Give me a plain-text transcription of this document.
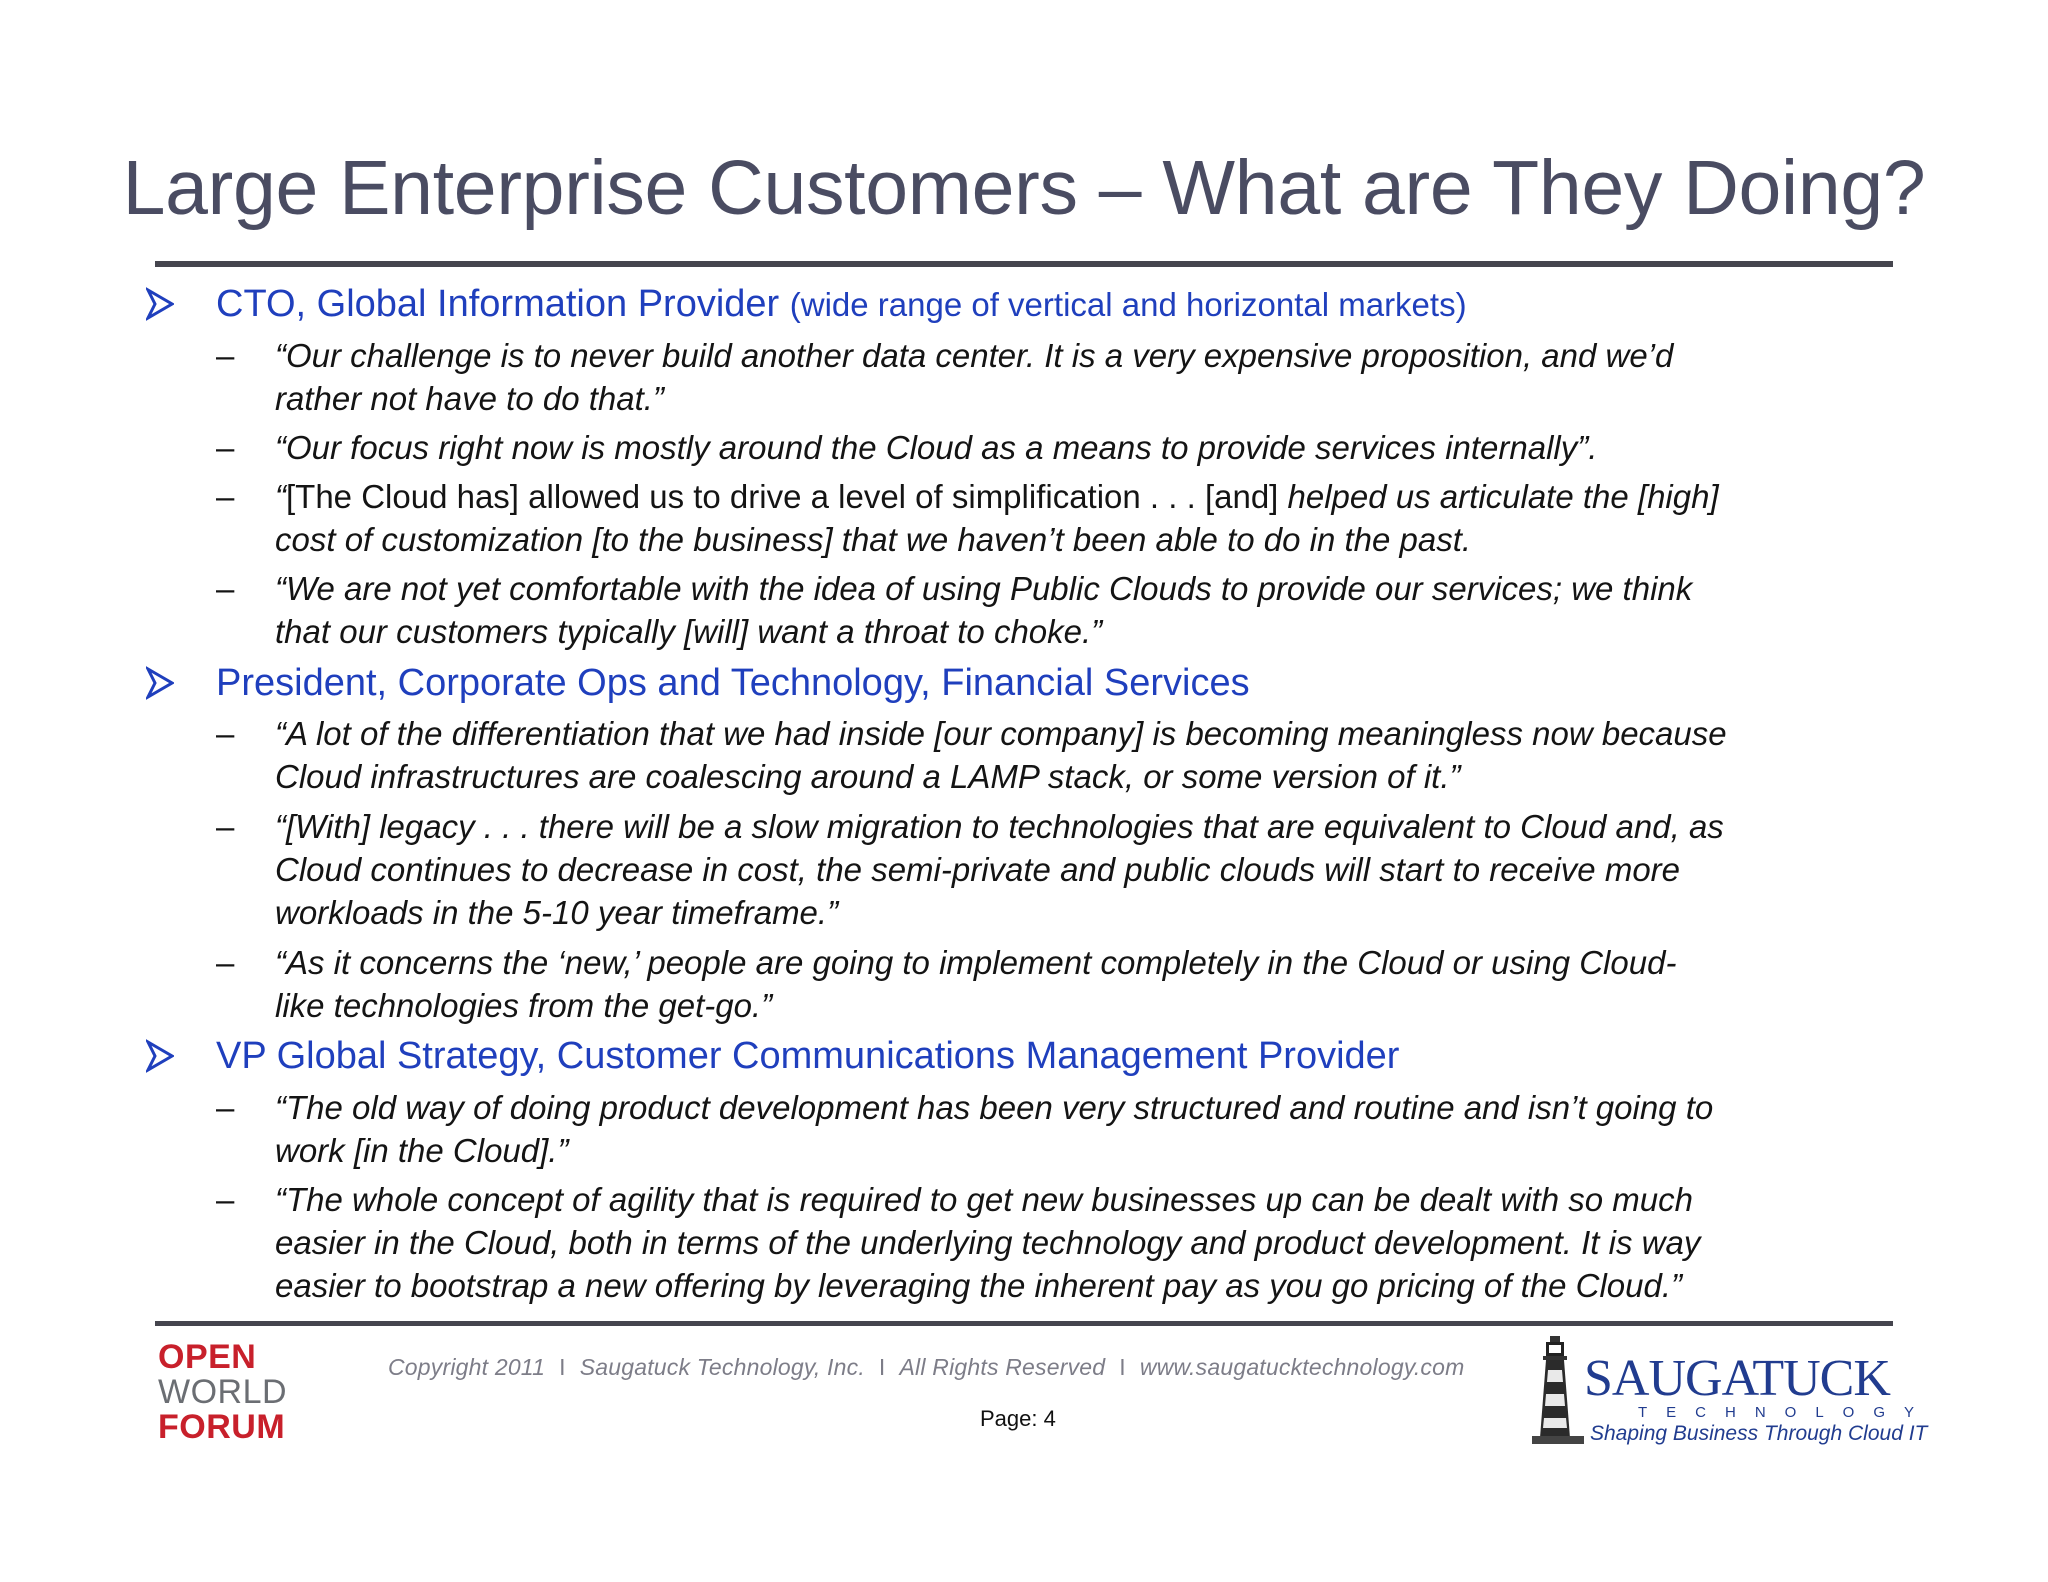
Large Enterprise Customers – What are They Doing?
CTO, Global Information Provider (wide range of vertical and horizontal markets)
– “Our challenge is to never build another data center. It is a very expensive proposition, and we’d
rather not have to do that.”
– “Our focus right now is mostly around the Cloud as a means to provide services internally”.
– “[The Cloud has] allowed us to drive a level of simplification . . . [and] helped us articulate the [high]
cost of customization [to the business] that we haven’t been able to do in the past.
– “We are not yet comfortable with the idea of using Public Clouds to provide our services; we think
that our customers typically [will] want a throat to choke.”
President, Corporate Ops and Technology, Financial Services
– “A lot of the differentiation that we had inside [our company] is becoming meaningless now because
Cloud infrastructures are coalescing around a LAMP stack, or some version of it.”
– “[With] legacy . . . there will be a slow migration to technologies that are equivalent to Cloud and, as
Cloud continues to decrease in cost, the semi-private and public clouds will start to receive more
workloads in the 5-10 year timeframe.”
– “As it concerns the ‘new,’ people are going to implement completely in the Cloud or using Cloud-
like technologies from the get-go.”
VP Global Strategy, Customer Communications Management Provider
– “The old way of doing product development has been very structured and routine and isn’t going to
work [in the Cloud].”
– “The whole concept of agility that is required to get new businesses up can be dealt with so much
easier in the Cloud, both in terms of the underlying technology and product development. It is way
easier to bootstrap a new offering by leveraging the inherent pay as you go pricing of the Cloud.”
OPEN
WORLD
FORUM
Copyright 2011 I Saugatuck Technology, Inc. I All Rights Reserved I www.saugatucktechnology.com
Page: 4
SAUGATUCK
TECHNOLOGY
Shaping Business Through Cloud IT
